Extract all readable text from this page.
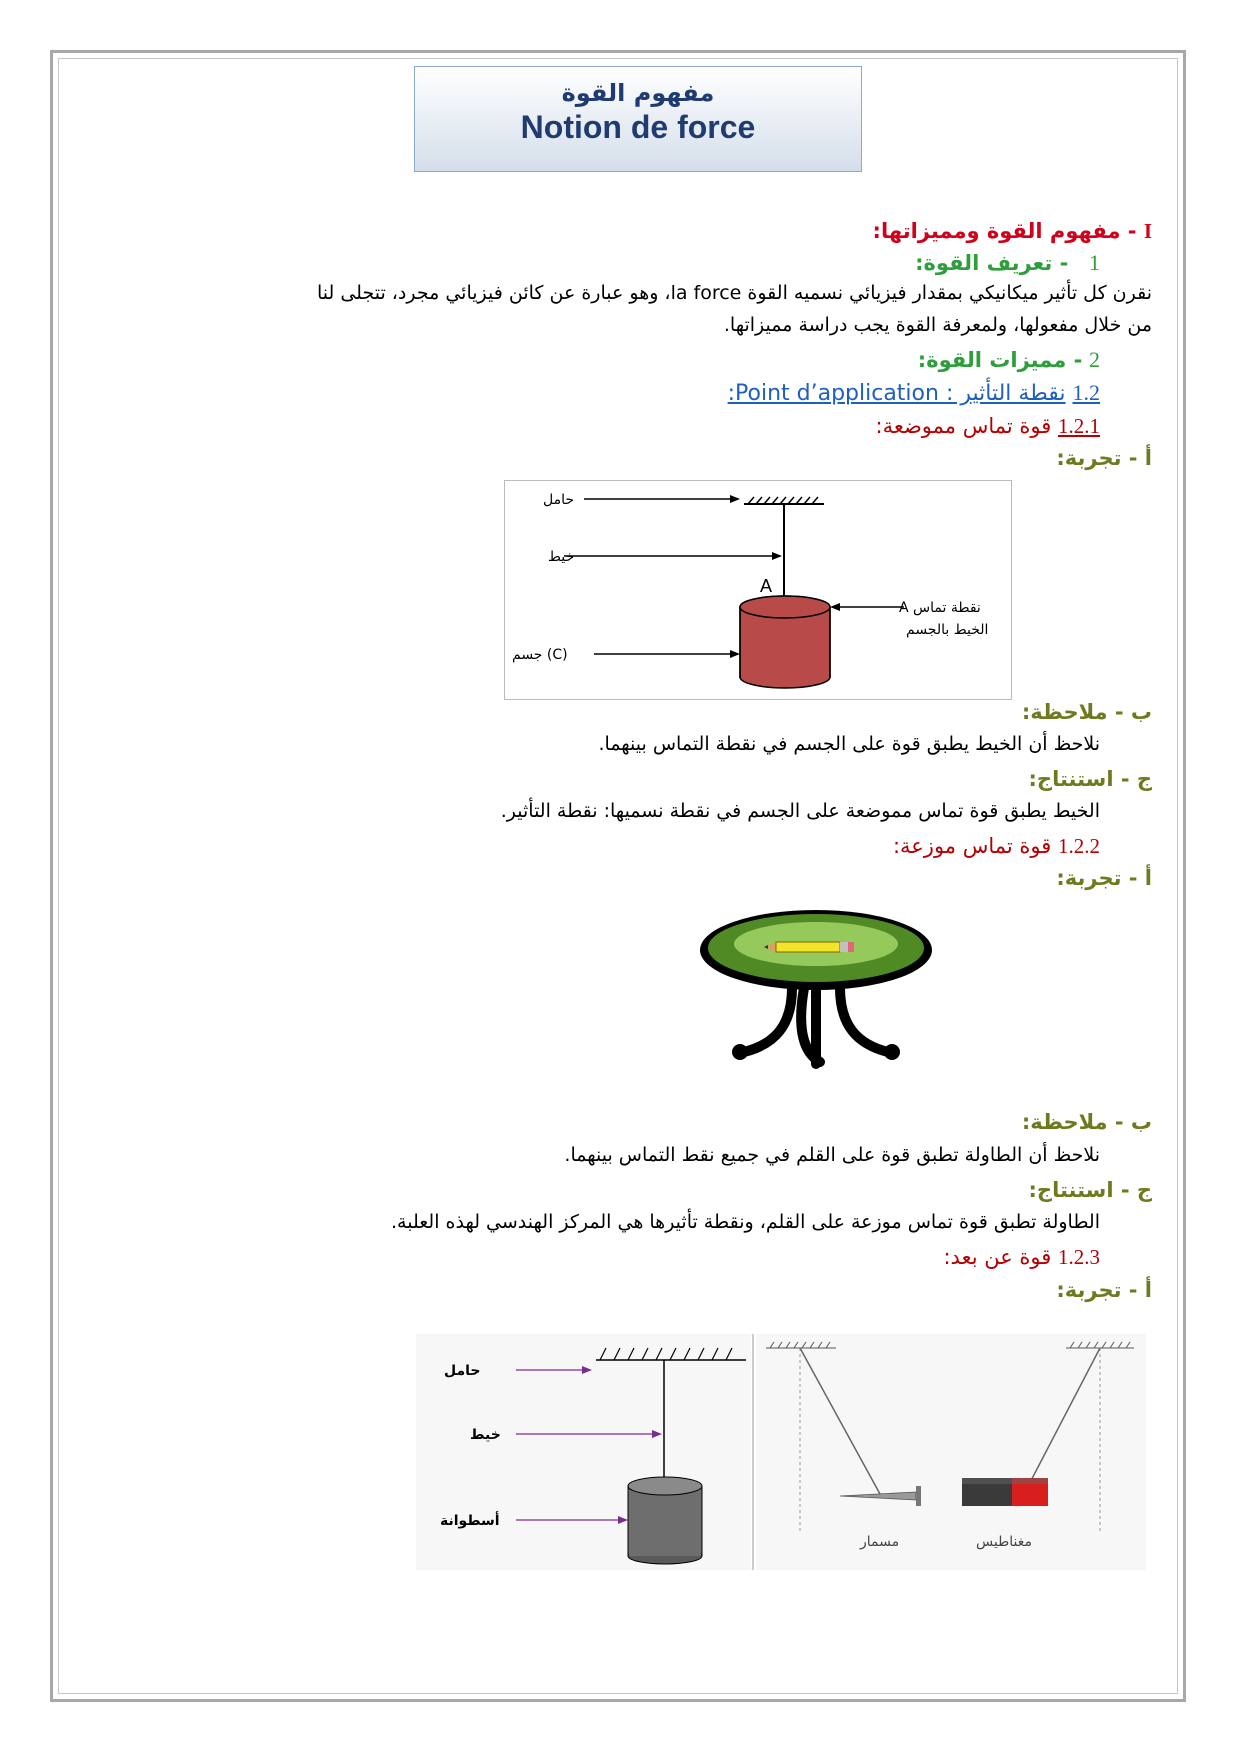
مفهوم القوة
Notion de force
I - مفهوم القوة ومميزاتها:
1 - تعريف القوة:
نقرن كل تأثير ميكانيكي بمقدار فيزيائي نسميه القوة la force، وهو عبارة عن كائن فيزيائي مجرد، تتجلى لنا
من خلال مفعولها، ولمعرفة القوة يجب دراسة مميزاتها.
2 - مميزات القوة:
1.2 نقطة التأثير : Point d’application:
1.2.1 قوة تماس مموضعة:
أ - تجربة:
A
حامل
خيط
جسم (C)
A نقطة تماس
الخيط بالجسم
ب - ملاحظة:
نلاحظ أن الخيط يطبق قوة على الجسم في نقطة التماس بينهما.
ج - استنتاج:
الخيط يطبق قوة تماس مموضعة على الجسم في نقطة نسميها: نقطة التأثير.
1.2.2 قوة تماس موزعة:
أ - تجربة:
ب - ملاحظة:
نلاحظ أن الطاولة تطبق قوة على القلم في جميع نقط التماس بينهما.
ج - استنتاج:
الطاولة تطبق قوة تماس موزعة على القلم، ونقطة تأثيرها هي المركز الهندسي لهذه العلبة.
1.2.3 قوة عن بعد:
أ - تجربة:
حامل
خيط
أسطوانة
مسمار	مغناطيس
